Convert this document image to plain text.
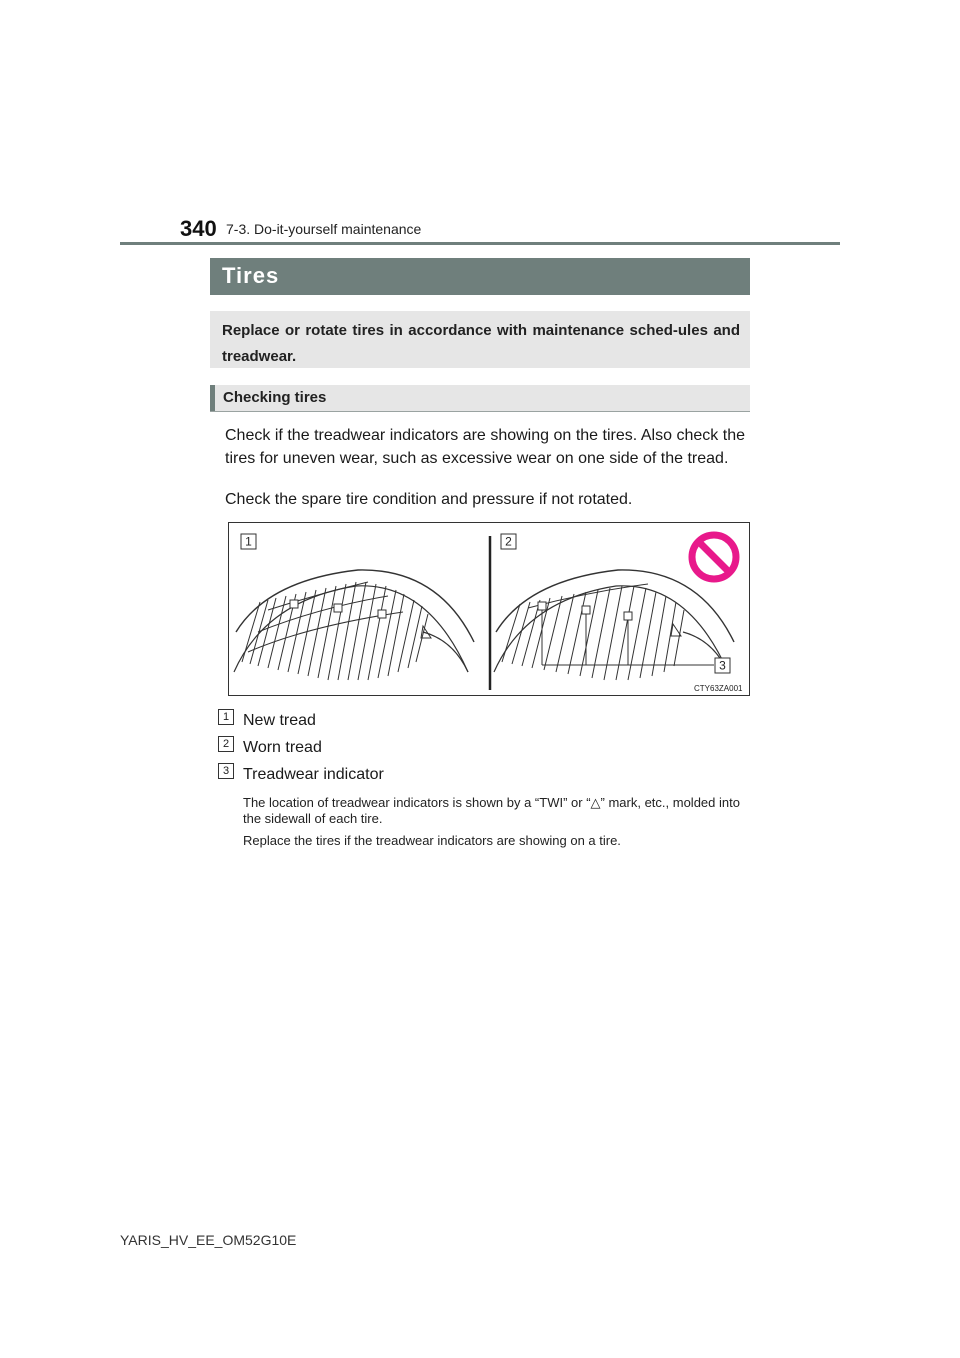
340 7-3. Do-it-yourself maintenance
Tires
Replace or rotate tires in accordance with maintenance sched-ules and treadwear.
Checking tires
Check if the treadwear indicators are showing on the tires. Also check the tires for uneven wear, such as excessive wear on one side of the tread.
Check the spare tire condition and pressure if not rotated.
1	2
3
CTY63ZA001
1 New tread
2 Worn tread
3 Treadwear indicator
The location of treadwear indicators is shown by a “TWI” or “△” mark, etc., molded into the sidewall of each tire.
Replace the tires if the treadwear indicators are showing on a tire.
YARIS_HV_EE_OM52G10E
